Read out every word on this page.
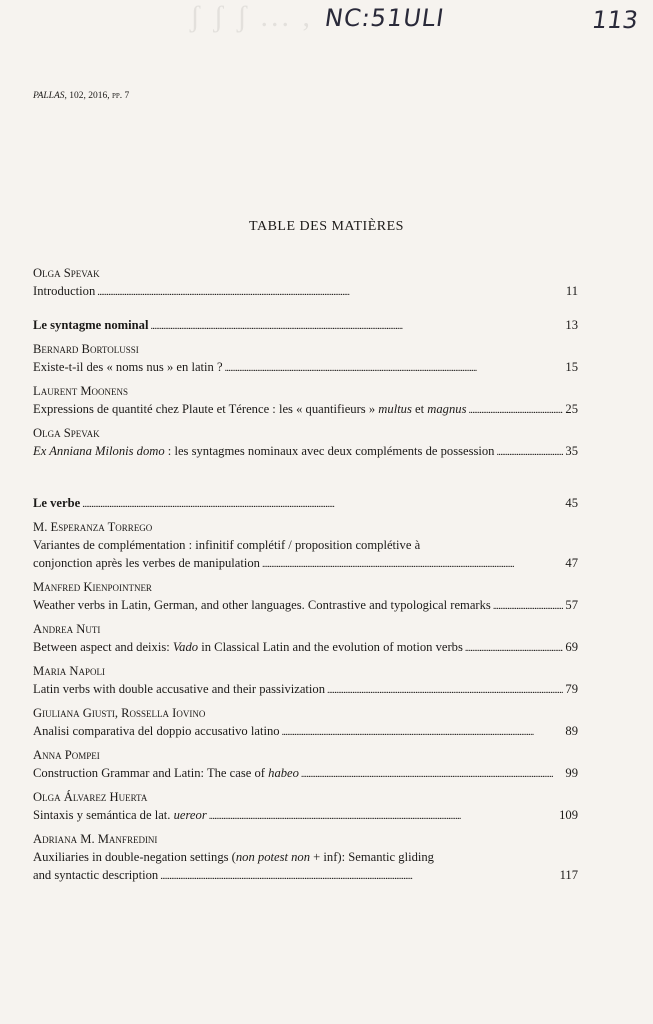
ʃ ʃ ʃ ... , NC:51ULI	113
PALLAS, 102, 2016, pp. 7
TABLE DES MATIÈRES
Olga Spevak
Introduction . . .	11
Le syntagme nominal . . .	13
Bernard Bortolussi
Existe-t-il des « noms nus » en latin ? . . .	15
Laurent Moonens
Expressions de quantité chez Plaute et Térence : les « quantifieurs » multus et magnus . . .	25
Olga Spevak
Ex Anniana Milonis domo : les syntagmes nominaux avec deux compléments de possession . . .	35
Le verbe . . .	45
M. Esperanza Torrego
Variantes de complémentation : infinitif complétif / proposition complétive à
conjonction après les verbes de manipulation . . .	47
Manfred Kienpointner
Weather verbs in Latin, German, and other languages. Contrastive and typological remarks . . .	57
Andrea Nuti
Between aspect and deixis: Vado in Classical Latin and the evolution of motion verbs . . .	69
Maria Napoli
Latin verbs with double accusative and their passivization . . .	79
Giuliana Giusti, Rossella Iovino
Analisi comparativa del doppio accusativo latino . . .	89
Anna Pompei
Construction Grammar and Latin: The case of habeo . . .	99
Olga Álvarez Huerta
Sintaxis y semántica de lat. uereor . . .	109
Adriana M. Manfredini
Auxiliaries in double-negation settings (non potest non + inf): Semantic gliding
and syntactic description . . .	117
